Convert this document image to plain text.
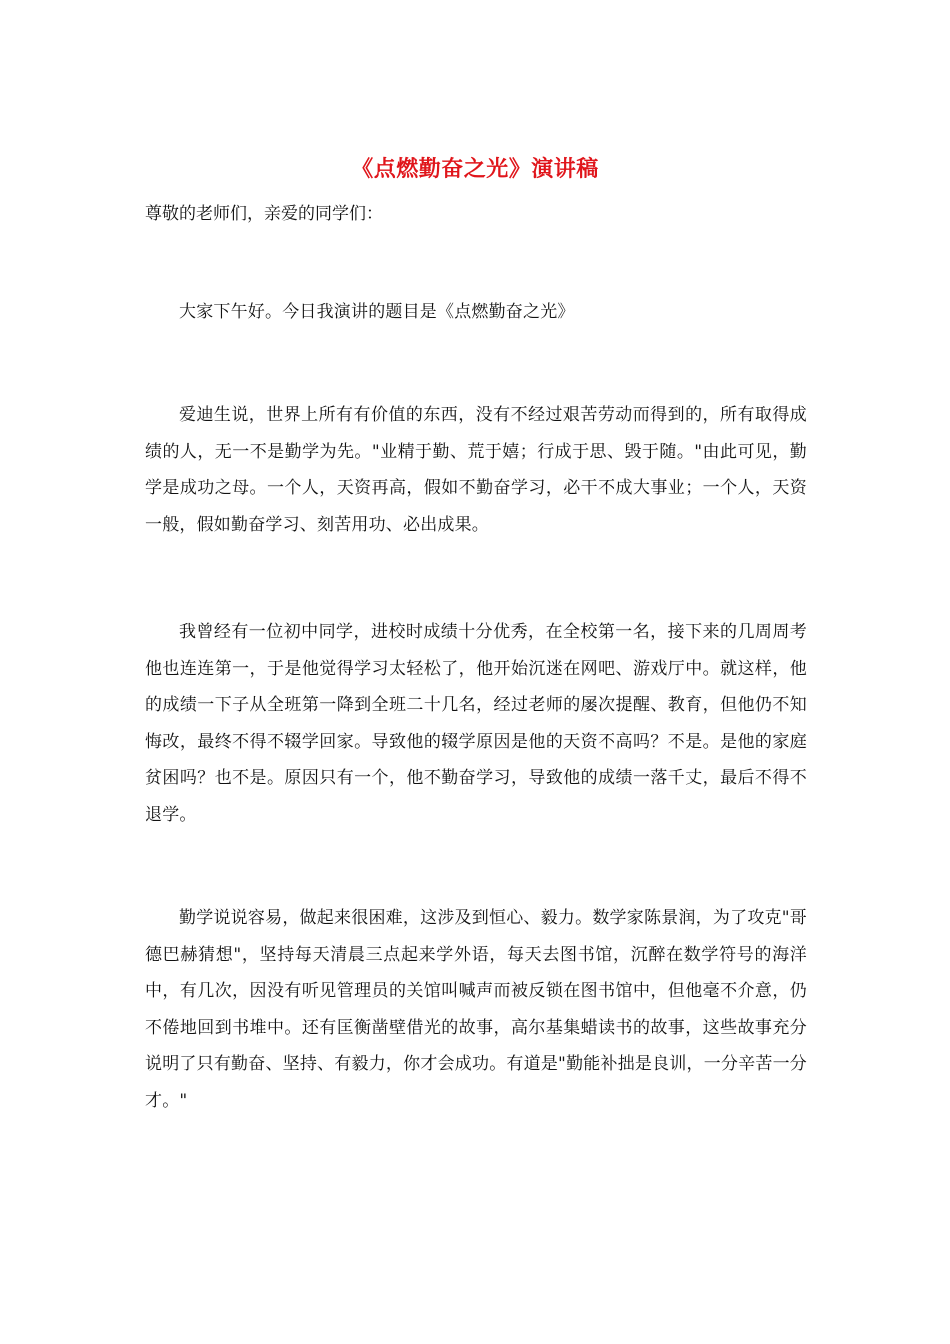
《点燃勤奋之光》演讲稿
尊敬的老师们，亲爱的同学们：

大家下午好。今日我演讲的题目是《点燃勤奋之光》

爱迪生说，世界上所有有价值的东西，没有不经过艰苦劳动而得到的，所有取得成绩的人，无一不是勤学为先。"业精于勤、荒于嬉；行成于思、毁于随。"由此可见，勤学是成功之母。一个人，天资再高，假如不勤奋学习，必干不成大事业；一个人，天资一般，假如勤奋学习、刻苦用功、必出成果。

我曾经有一位初中同学，进校时成绩十分优秀，在全校第一名，接下来的几周周考他也连连第一，于是他觉得学习太轻松了，他开始沉迷在网吧、游戏厅中。就这样，他的成绩一下子从全班第一降到全班二十几名，经过老师的屡次提醒、教育，但他仍不知悔改，最终不得不辍学回家。导致他的辍学原因是他的天资不高吗？不是。是他的家庭贫困吗？也不是。原因只有一个，他不勤奋学习，导致他的成绩一落千丈，最后不得不退学。

勤学说说容易，做起来很困难，这涉及到恒心、毅力。数学家陈景润，为了攻克"哥德巴赫猜想"，坚持每天清晨三点起来学外语，每天去图书馆，沉醉在数学符号的海洋中，有几次，因没有听见管理员的关馆叫喊声而被反锁在图书馆中，但他毫不介意，仍不倦地回到书堆中。还有匡衡凿壁借光的故事，高尔基集蜡读书的故事，这些故事充分说明了只有勤奋、坚持、有毅力，你才会成功。有道是"勤能补拙是良训，一分辛苦一分才。"
